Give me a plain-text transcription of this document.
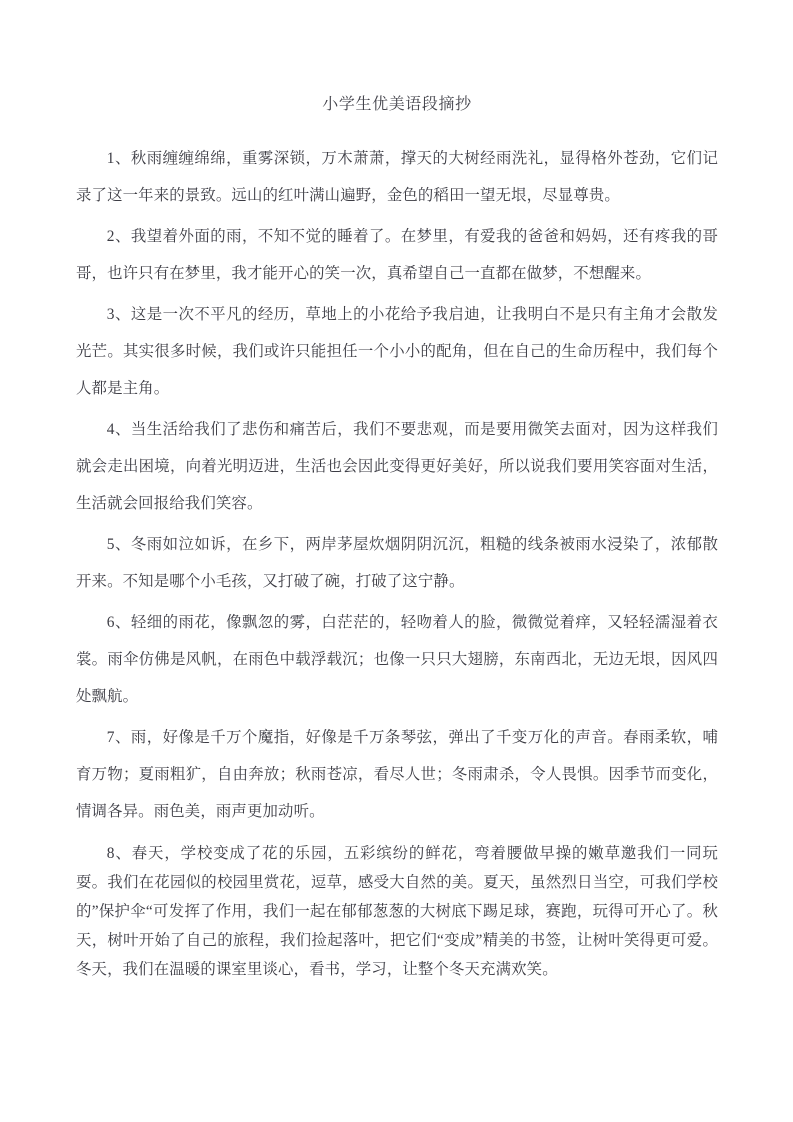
小学生优美语段摘抄

1、秋雨缠缠绵绵，重雾深锁，万木萧萧，撑天的大树经雨洗礼，显得格外苍劲，它们记录了这一年来的景致。远山的红叶满山遍野，金色的稻田一望无垠，尽显尊贵。

2、我望着外面的雨，不知不觉的睡着了。在梦里，有爱我的爸爸和妈妈，还有疼我的哥哥，也许只有在梦里，我才能开心的笑一次，真希望自己一直都在做梦，不想醒来。

3、这是一次不平凡的经历，草地上的小花给予我启迪，让我明白不是只有主角才会散发光芒。其实很多时候，我们或许只能担任一个小小的配角，但在自己的生命历程中，我们每个人都是主角。

4、当生活给我们了悲伤和痛苦后，我们不要悲观，而是要用微笑去面对，因为这样我们就会走出困境，向着光明迈进，生活也会因此变得更好美好，所以说我们要用笑容面对生活，生活就会回报给我们笑容。

5、冬雨如泣如诉，在乡下，两岸茅屋炊烟阴阴沉沉，粗糙的线条被雨水浸染了，浓郁散开来。不知是哪个小毛孩，又打破了碗，打破了这宁静。

6、轻细的雨花，像飘忽的雾，白茫茫的，轻吻着人的脸，微微觉着痒，又轻轻濡湿着衣裳。雨伞仿佛是风帆，在雨色中载浮载沉；也像一只只大翅膀，东南西北，无边无垠，因风四处飘航。

7、雨，好像是千万个魔指，好像是千万条琴弦，弹出了千变万化的声音。春雨柔软，哺育万物；夏雨粗犷，自由奔放；秋雨苍凉，看尽人世；冬雨肃杀，令人畏惧。因季节而变化，情调各异。雨色美，雨声更加动听。

8、春天，学校变成了花的乐园，五彩缤纷的鲜花，弯着腰做早操的嫩草邀我们一同玩耍。我们在花园似的校园里赏花，逗草，感受大自然的美。夏天，虽然烈日当空，可我们学校的”保护伞“可发挥了作用，我们一起在郁郁葱葱的大树底下踢足球，赛跑，玩得可开心了。秋天，树叶开始了自己的旅程，我们捡起落叶，把它们“变成”精美的书签，让树叶笑得更可爱。冬天，我们在温暖的课室里谈心，看书，学习，让整个冬天充满欢笑。
